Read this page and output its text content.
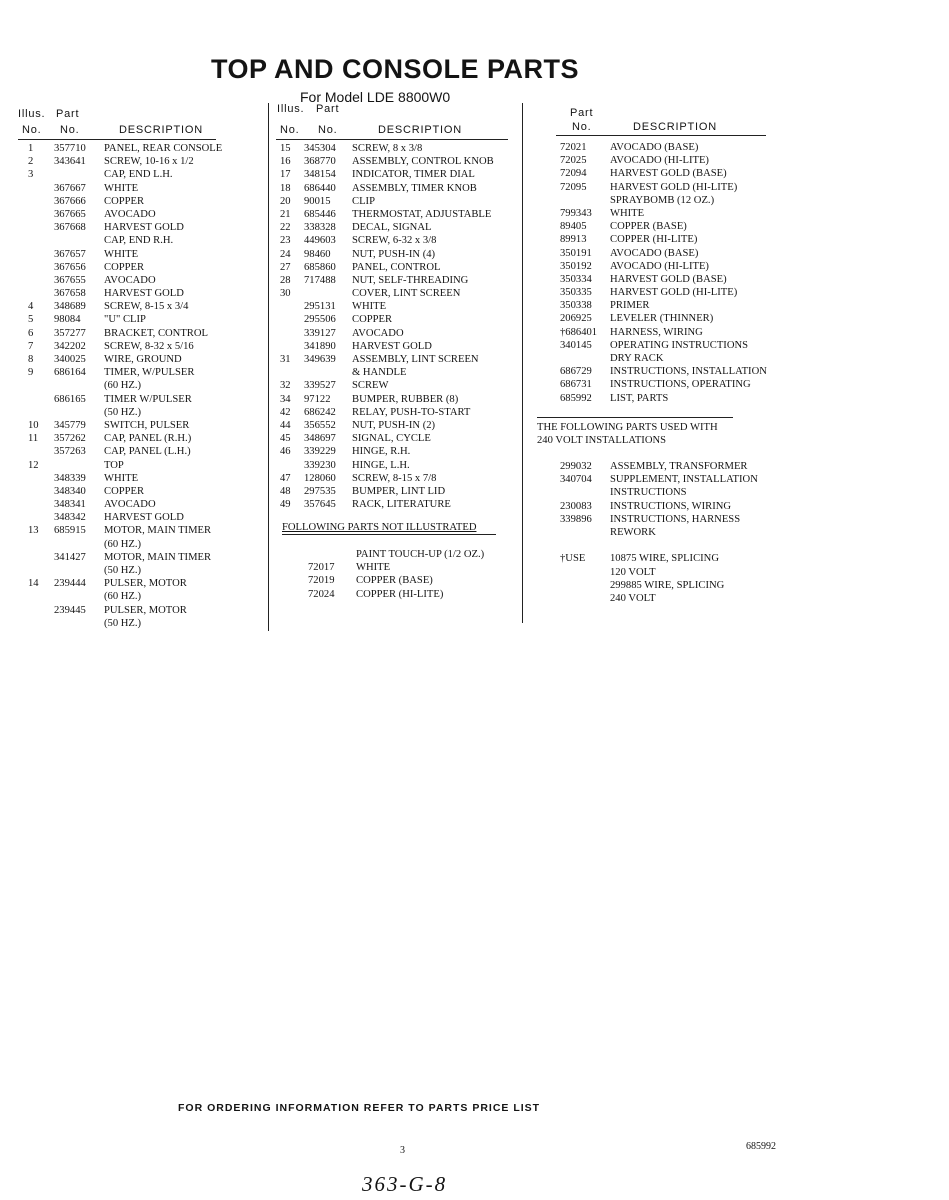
TOP AND CONSOLE PARTS
For Model LDE 8800W0
Illus. Part
No. No.	DESCRIPTION
Illus. Part
No. No.	DESCRIPTION
Part
No.	DESCRIPTION
1 357710 PANEL, REAR CONSOLE
2 343641 SCREW, 10-16 x 1/2
3	CAP, END L.H.
367667 WHITE
367666 COPPER
367665 AVOCADO
367668 HARVEST GOLD
CAP, END R.H.
367657 WHITE
367656 COPPER
367655 AVOCADO
367658 HARVEST GOLD
4 348689 SCREW, 8-15 x 3/4
5 98084 "U" CLIP
6 357277 BRACKET, CONTROL
7 342202 SCREW, 8-32 x 5/16
8 340025 WIRE, GROUND
9 686164 TIMER, W/PULSER
(60 HZ.)
686165 TIMER W/PULSER
(50 HZ.)
10 345779 SWITCH, PULSER
11 357262 CAP, PANEL (R.H.)
357263 CAP, PANEL (L.H.)
12	TOP
348339 WHITE
348340 COPPER
348341 AVOCADO
348342 HARVEST GOLD
13 685915 MOTOR, MAIN TIMER
(60 HZ.)
341427 MOTOR, MAIN TIMER
(50 HZ.)
14 239444 PULSER, MOTOR
(60 HZ.)
239445 PULSER, MOTOR
(50 HZ.)
15 345304 SCREW, 8 x 3/8
16 368770 ASSEMBLY, CONTROL KNOB
17 348154 INDICATOR, TIMER DIAL
18 686440 ASSEMBLY, TIMER KNOB
20 90015 CLIP
21 685446 THERMOSTAT, ADJUSTABLE
22 338328 DECAL, SIGNAL
23 449603 SCREW, 6-32 x 3/8
24 98460 NUT, PUSH-IN (4)
27 685860 PANEL, CONTROL
28 717488 NUT, SELF-THREADING
30	COVER, LINT SCREEN
295131 WHITE
295506 COPPER
339127 AVOCADO
341890 HARVEST GOLD
31 349639 ASSEMBLY, LINT SCREEN
& HANDLE
32 339527 SCREW
34 97122 BUMPER, RUBBER (8)
42 686242 RELAY, PUSH-TO-START
44 356552 NUT, PUSH-IN (2)
45 348697 SIGNAL, CYCLE
46 339229 HINGE, R.H.
339230 HINGE, L.H.
47 128060 SCREW, 8-15 x 7/8
48 297535 BUMPER, LINT LID
49 357645 RACK, LITERATURE
FOLLOWING PARTS NOT ILLUSTRATED
PAINT TOUCH-UP (1/2 OZ.)
72017 WHITE
72019 COPPER (BASE)
72024 COPPER (HI-LITE)
72021 AVOCADO (BASE)
72025 AVOCADO (HI-LITE)
72094 HARVEST GOLD (BASE)
72095 HARVEST GOLD (HI-LITE)
SPRAYBOMB (12 OZ.)
799343 WHITE
89405 COPPER (BASE)
89913 COPPER (HI-LITE)
350191 AVOCADO (BASE)
350192 AVOCADO (HI-LITE)
350334 HARVEST GOLD (BASE)
350335 HARVEST GOLD (HI-LITE)
350338 PRIMER
206925 LEVELER (THINNER)
†686401 HARNESS, WIRING
340145 OPERATING INSTRUCTIONS
DRY RACK
686729 INSTRUCTIONS, INSTALLATION
686731 INSTRUCTIONS, OPERATING
685992 LIST, PARTS
THE FOLLOWING PARTS USED WITH
240 VOLT INSTALLATIONS
299032 ASSEMBLY, TRANSFORMER
340704 SUPPLEMENT, INSTALLATION
INSTRUCTIONS
230083 INSTRUCTIONS, WIRING
339896 INSTRUCTIONS, HARNESS
REWORK
†USE 10875 WIRE, SPLICING
120 VOLT
299885 WIRE, SPLICING
240 VOLT
FOR ORDERING INFORMATION REFER TO PARTS PRICE LIST
3	685992
363-G-8
